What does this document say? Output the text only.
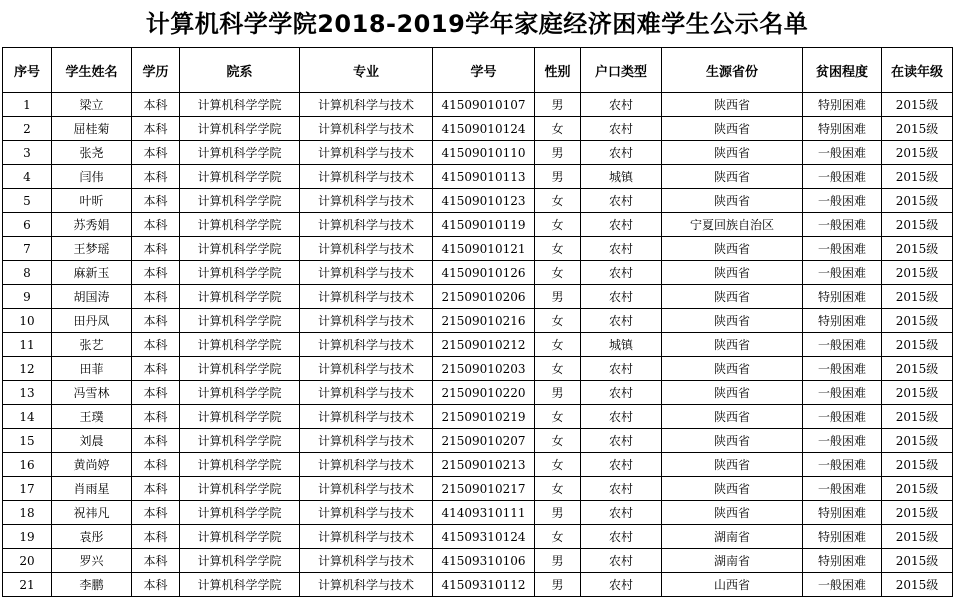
计算机科学学院2018-2019学年家庭经济困难学生公示名单
序号	学生姓名	学历	院系	专业	学号	性别	户口类型	生源省份	贫困程度	在读年级
1	梁立	本科	计算机科学学院	计算机科学与技术	41509010107	男	农村	陕西省	特别困难	2015级
2	屈桂菊	本科	计算机科学学院	计算机科学与技术	41509010124	女	农村	陕西省	特别困难	2015级
3	张尧	本科	计算机科学学院	计算机科学与技术	41509010110	男	农村	陕西省	一般困难	2015级
4	闫伟	本科	计算机科学学院	计算机科学与技术	41509010113	男	城镇	陕西省	一般困难	2015级
5	叶昕	本科	计算机科学学院	计算机科学与技术	41509010123	女	农村	陕西省	一般困难	2015级
6	苏秀娟	本科	计算机科学学院	计算机科学与技术	41509010119	女	农村	宁夏回族自治区	一般困难	2015级
7	王梦瑶	本科	计算机科学学院	计算机科学与技术	41509010121	女	农村	陕西省	一般困难	2015级
8	麻新玉	本科	计算机科学学院	计算机科学与技术	41509010126	女	农村	陕西省	一般困难	2015级
9	胡国涛	本科	计算机科学学院	计算机科学与技术	21509010206	男	农村	陕西省	特别困难	2015级
10	田丹凤	本科	计算机科学学院	计算机科学与技术	21509010216	女	农村	陕西省	特别困难	2015级
11	张艺	本科	计算机科学学院	计算机科学与技术	21509010212	女	城镇	陕西省	一般困难	2015级
12	田菲	本科	计算机科学学院	计算机科学与技术	21509010203	女	农村	陕西省	一般困难	2015级
13	冯雪林	本科	计算机科学学院	计算机科学与技术	21509010220	男	农村	陕西省	一般困难	2015级
14	王璞	本科	计算机科学学院	计算机科学与技术	21509010219	女	农村	陕西省	一般困难	2015级
15	刘晨	本科	计算机科学学院	计算机科学与技术	21509010207	女	农村	陕西省	一般困难	2015级
16	黄尚婷	本科	计算机科学学院	计算机科学与技术	21509010213	女	农村	陕西省	一般困难	2015级
17	肖雨星	本科	计算机科学学院	计算机科学与技术	21509010217	女	农村	陕西省	一般困难	2015级
18	祝祎凡	本科	计算机科学学院	计算机科学与技术	41409310111	男	农村	陕西省	特别困难	2015级
19	袁彤	本科	计算机科学学院	计算机科学与技术	41509310124	女	农村	湖南省	特别困难	2015级
20	罗兴	本科	计算机科学学院	计算机科学与技术	41509310106	男	农村	湖南省	特别困难	2015级
21	李鹏	本科	计算机科学学院	计算机科学与技术	41509310112	男	农村	山西省	一般困难	2015级
